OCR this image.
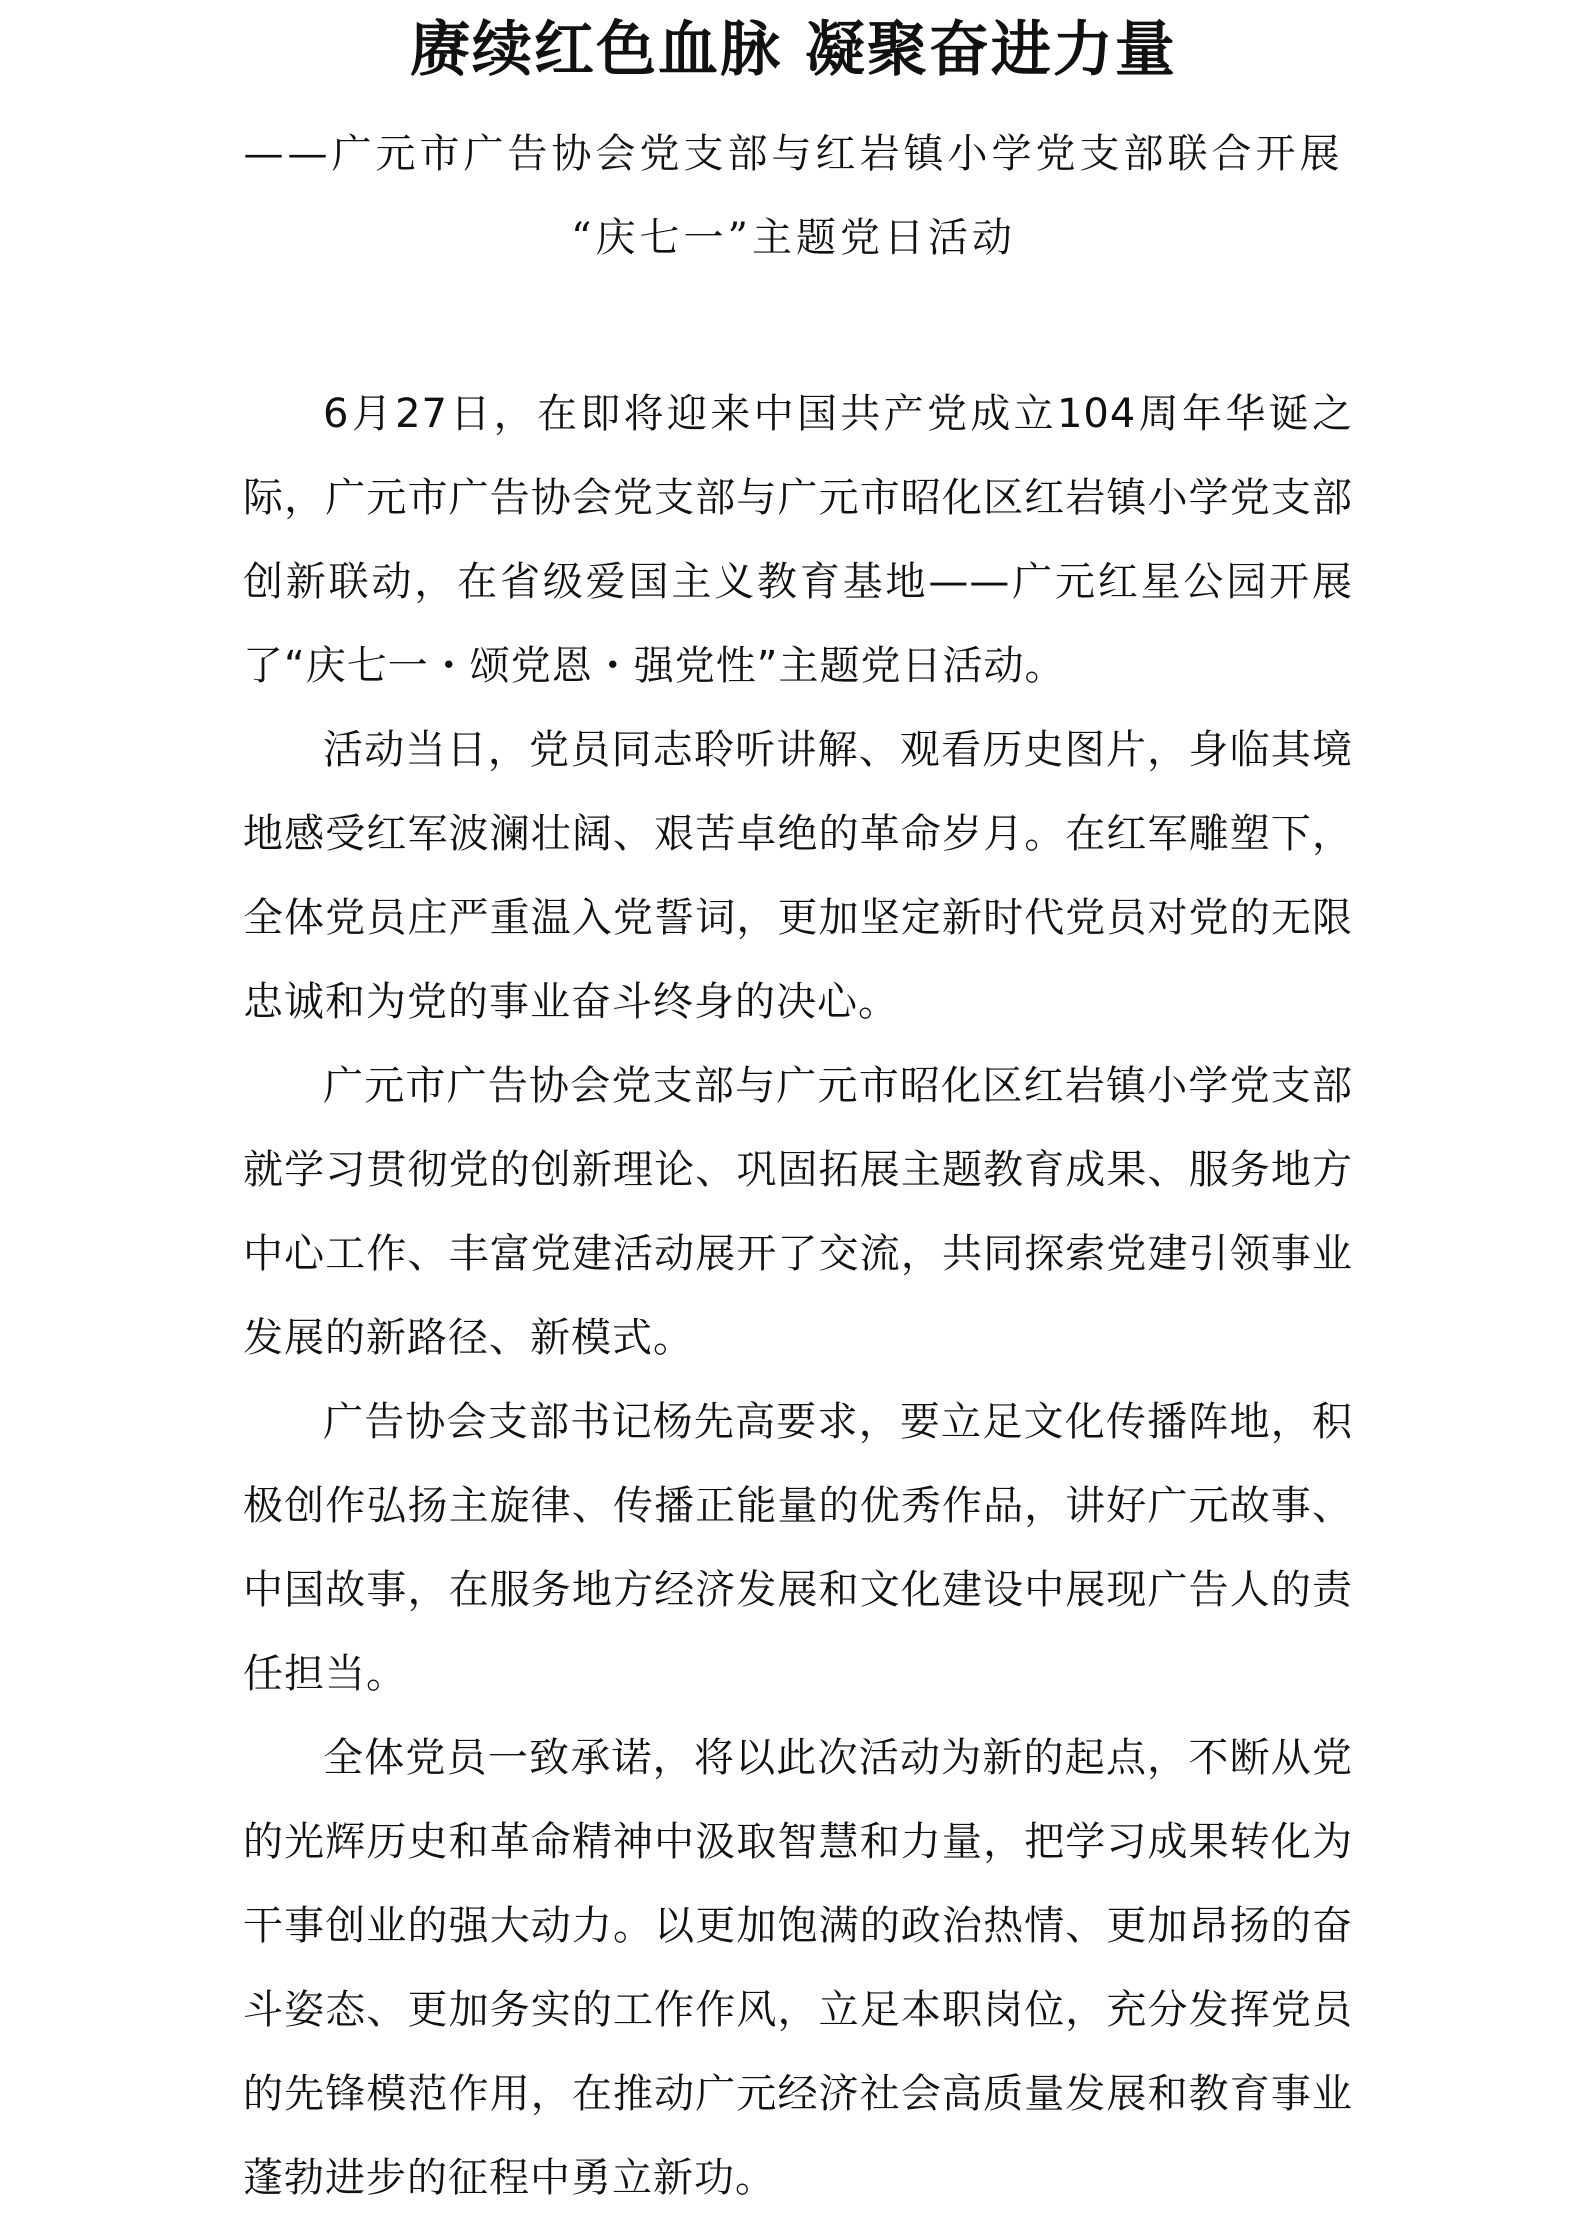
赓续红色血脉 凝聚奋进力量
——广元市广告协会党支部与红岩镇小学党支部联合开展
“庆七一”主题党日活动

6月27日，在即将迎来中国共产党成立104周年华诞之际，广元市广告协会党支部与广元市昭化区红岩镇小学党支部创新联动，在省级爱国主义教育基地——广元红星公园开展了“庆七一・颂党恩・强党性”主题党日活动。

活动当日，党员同志聆听讲解、观看历史图片，身临其境地感受红军波澜壮阔、艰苦卓绝的革命岁月。在红军雕塑下，全体党员庄严重温入党誓词，更加坚定新时代党员对党的无限忠诚和为党的事业奋斗终身的决心。

广元市广告协会党支部与广元市昭化区红岩镇小学党支部就学习贯彻党的创新理论、巩固拓展主题教育成果、服务地方中心工作、丰富党建活动展开了交流，共同探索党建引领事业发展的新路径、新模式。

广告协会支部书记杨先高要求，要立足文化传播阵地，积极创作弘扬主旋律、传播正能量的优秀作品，讲好广元故事、中国故事，在服务地方经济发展和文化建设中展现广告人的责任担当。

全体党员一致承诺，将以此次活动为新的起点，不断从党的光辉历史和革命精神中汲取智慧和力量，把学习成果转化为干事创业的强大动力。以更加饱满的政治热情、更加昂扬的奋斗姿态、更加务实的工作作风，立足本职岗位，充分发挥党员的先锋模范作用，在推动广元经济社会高质量发展和教育事业蓬勃进步的征程中勇立新功。
